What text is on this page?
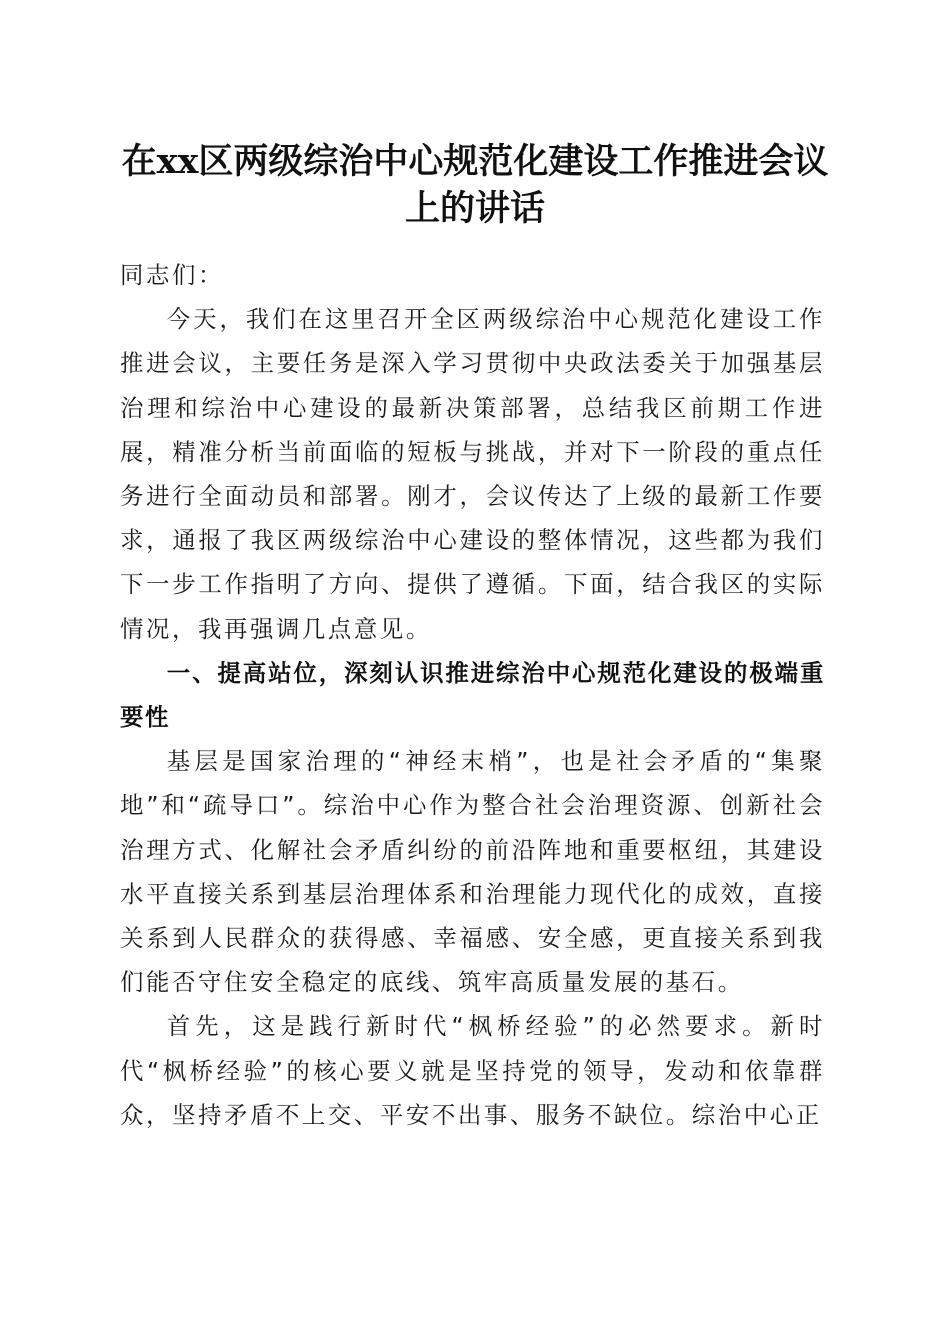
在xx区两级综治中心规范化建设工作推进会议上的讲话

同志们：

今天，我们在这里召开全区两级综治中心规范化建设工作推进会议，主要任务是深入学习贯彻中央政法委关于加强基层治理和综治中心建设的最新决策部署，总结我区前期工作进展，精准分析当前面临的短板与挑战，并对下一阶段的重点任务进行全面动员和部署。刚才，会议传达了上级的最新工作要求，通报了我区两级综治中心建设的整体情况，这些都为我们下一步工作指明了方向、提供了遵循。下面，结合我区的实际情况，我再强调几点意见。

一、提高站位，深刻认识推进综治中心规范化建设的极端重要性

基层是国家治理的“神经末梢”，也是社会矛盾的“集聚地”和“疏导口”。综治中心作为整合社会治理资源、创新社会治理方式、化解社会矛盾纠纷的前沿阵地和重要枢纽，其建设水平直接关系到基层治理体系和治理能力现代化的成效，直接关系到人民群众的获得感、幸福感、安全感，更直接关系到我们能否守住安全稳定的底线、筑牢高质量发展的基石。

首先，这是践行新时代“枫桥经验”的必然要求。新时代“枫桥经验”的核心要义就是坚持党的领导，发动和依靠群众，坚持矛盾不上交、平安不出事、服务不缺位。综治中心正
